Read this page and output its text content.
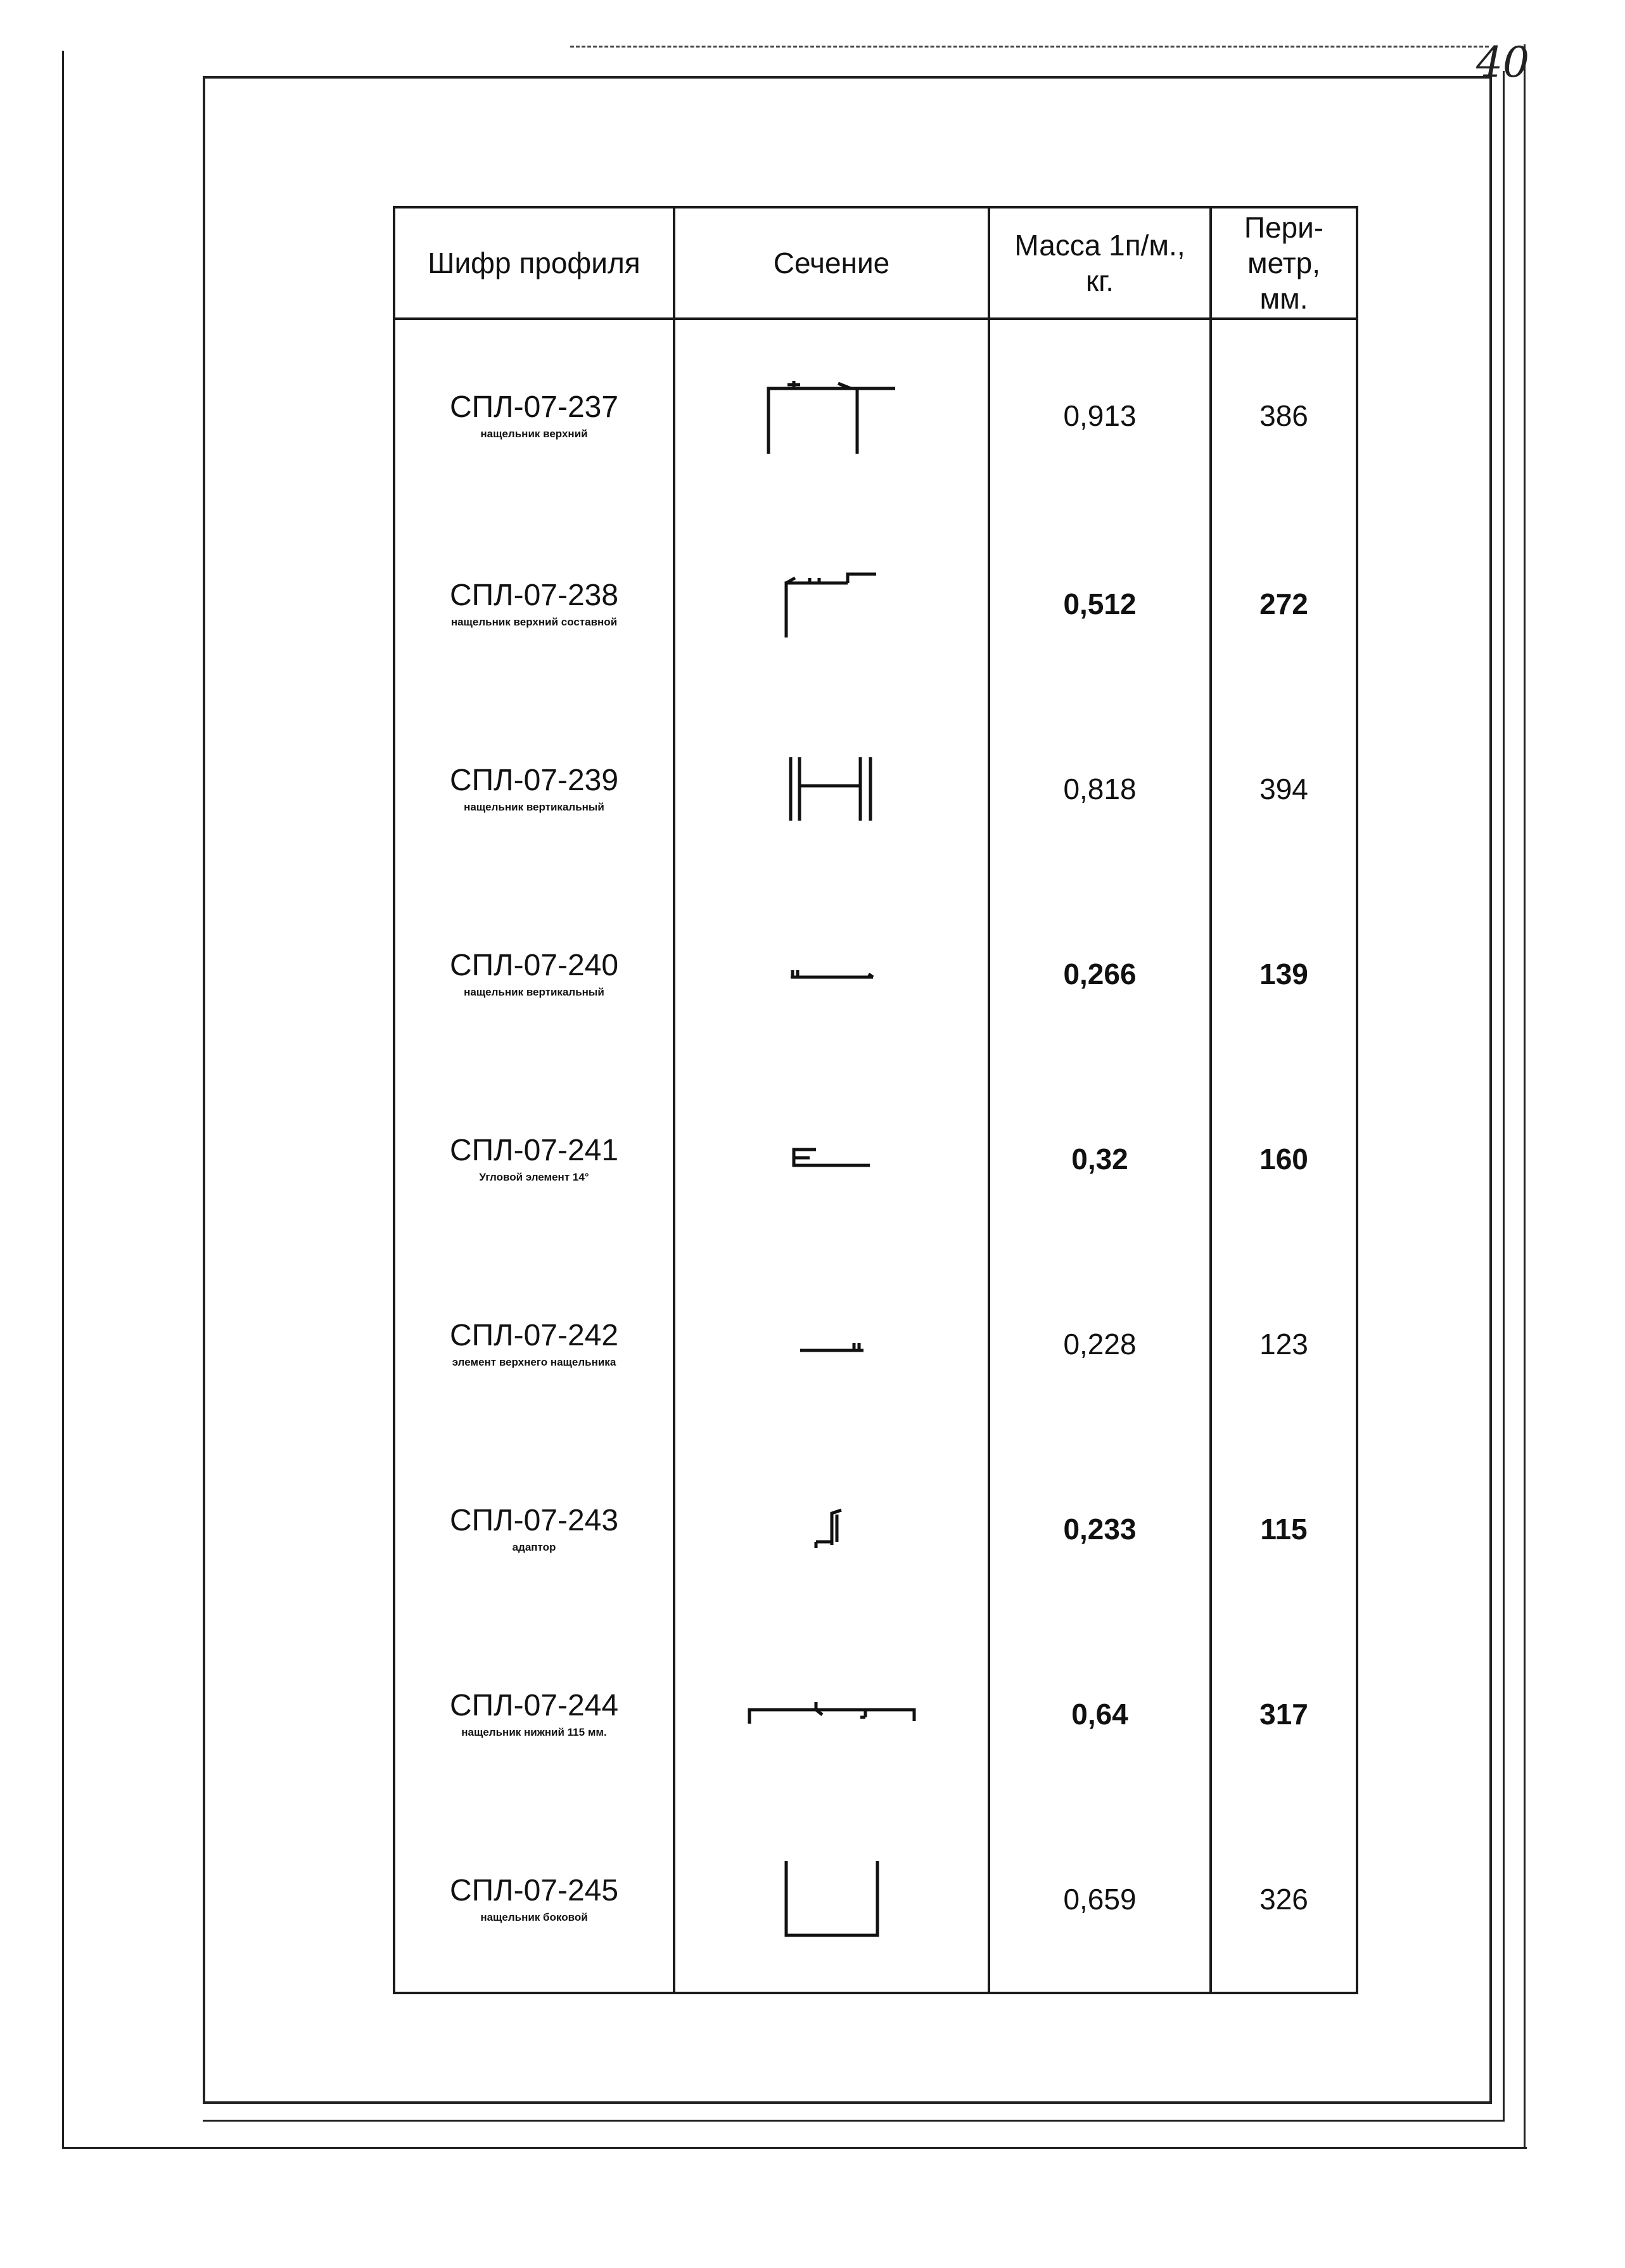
40
Шифр профиля	Сечение	Масса 1п/м., кг.	Пери- метр, мм.

СПЛ-07-237
нащельник верхний		0,913	386

СПЛ-07-238
нащельник верхний составной		0,512	272

СПЛ-07-239
нащельник вертикальный		0,818	394

СПЛ-07-240
нащельник вертикальный		0,266	139

СПЛ-07-241
Угловой элемент 14°		0,32	160

СПЛ-07-242
элемент верхнего нащельника		0,228	123

СПЛ-07-243
адаптор		0,233	115

СПЛ-07-244
нащельник нижний 115 мм.		0,64	317

СПЛ-07-245
нащельник боковой		0,659	326
